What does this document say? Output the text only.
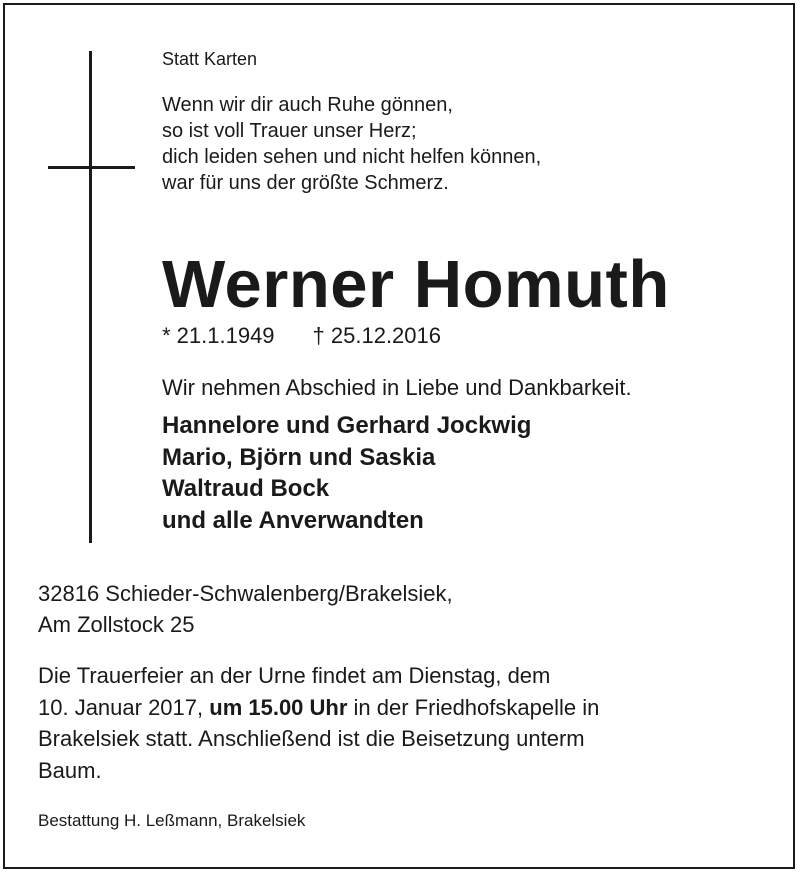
Statt Karten
Wenn wir dir auch Ruhe gönnen,
so ist voll Trauer unser Herz;
dich leiden sehen und nicht helfen können,
war für uns der größte Schmerz.
Werner Homuth
* 21.1.1949 † 25.12.2016
Wir nehmen Abschied in Liebe und Dankbarkeit.
Hannelore und Gerhard Jockwig
Mario, Björn und Saskia
Waltraud Bock
und alle Anverwandten
32816 Schieder-Schwalenberg/Brakelsiek,
Am Zollstock 25
Die Trauerfeier an der Urne findet am Dienstag, dem
10. Januar 2017, um 15.00 Uhr in der Friedhofskapelle in
Brakelsiek statt. Anschließend ist die Beisetzung unterm
Baum.
Bestattung H. Leßmann, Brakelsiek
